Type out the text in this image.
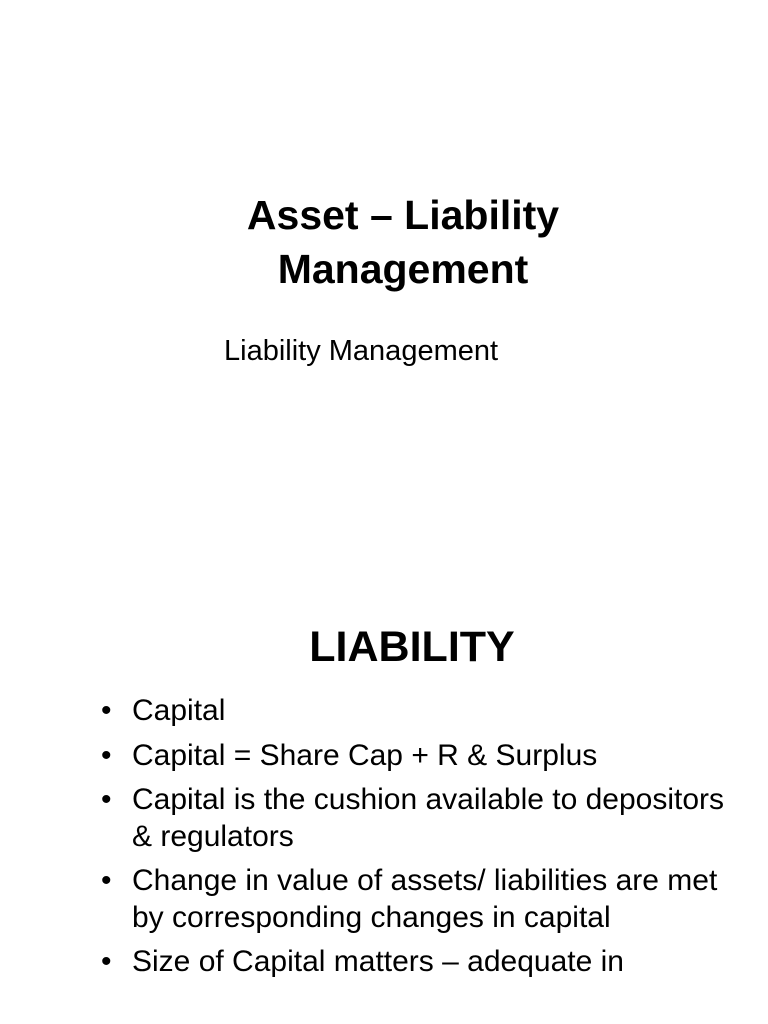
Asset – Liability
Management

Liability Management

LIABILITY
• Capital
• Capital = Share Cap + R & Surplus
• Capital is the cushion available to depositors & regulators
• Change in value of assets/ liabilities are met by corresponding changes in capital
• Size of Capital matters – adequate in
